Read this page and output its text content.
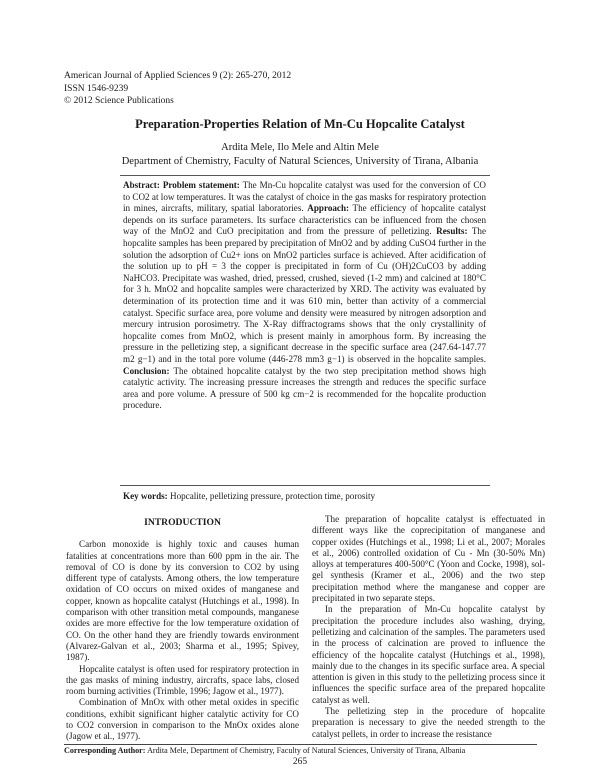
American Journal of Applied Sciences 9 (2): 265-270, 2012
ISSN 1546-9239
© 2012 Science Publications
Preparation-Properties Relation of Mn-Cu Hopcalite Catalyst
Ardita Mele, Ilo Mele and Altin Mele
Department of Chemistry, Faculty of Natural Sciences, University of Tirana, Albania
Abstract: Problem statement: The Mn-Cu hopcalite catalyst was used for the conversion of CO to CO2 at low temperatures. It was the catalyst of choice in the gas masks for respiratory protection in mines, aircrafts, military, spatial laboratories. Approach: The efficiency of hopcalite catalyst depends on its surface parameters. Its surface characteristics can be influenced from the chosen way of the MnO2 and CuO precipitation and from the pressure of pelletizing. Results: The hopcalite samples has been prepared by precipitation of MnO2 and by adding CuSO4 further in the solution the adsorption of Cu2+ ions on MnO2 particles surface is achieved. After acidification of the solution up to pH = 3 the copper is precipitated in form of Cu (OH)2CuCO3 by adding NaHCO3. Precipitate was washed, dried, pressed, crushed, sieved (1-2 mm) and calcined at 180°C for 3 h. MnO2 and hopcalite samples were characterized by XRD. The activity was evaluated by determination of its protection time and it was 610 min, better than activity of a commercial catalyst. Specific surface area, pore volume and density were measured by nitrogen adsorption and mercury intrusion porosimetry. The X-Ray diffractograms shows that the only crystallinity of hopcalite comes from MnO2, which is present mainly in amorphous form. By increasing the pressure in the pelletizing step, a significant decrease in the specific surface area (247.64-147.77 m2 g−1) and in the total pore volume (446-278 mm3 g−1) is observed in the hopcalite samples. Conclusion: The obtained hopcalite catalyst by the two step precipitation method shows high catalytic activity. The increasing pressure increases the strength and reduces the specific surface area and pore volume. A pressure of 500 kg cm−2 is recommended for the hopcalite production procedure.
Key words: Hopcalite, pelletizing pressure, protection time, porosity
INTRODUCTION

Carbon monoxide is highly toxic and causes human fatalities at concentrations more than 600 ppm in the air. The removal of CO is done by its conversion to CO2 by using different type of catalysts. Among others, the low temperature oxidation of CO occurs on mixed oxides of manganese and copper, known as hopcalite catalyst (Hutchings et al., 1998). In comparison with other transition metal compounds, manganese oxides are more effective for the low temperature oxidation of CO. On the other hand they are friendly towards environment (Alvarez-Galvan et al., 2003; Sharma et al., 1995; Spivey, 1987).

Hopcalite catalyst is often used for respiratory protection in the gas masks of mining industry, aircrafts, space labs, closed room burning activities (Trimble, 1996; Jagow et al., 1977).

Combination of MnOx with other metal oxides in specific conditions, exhibit significant higher catalytic activity for CO to CO2 conversion in comparison to the MnOx oxides alone (Jagow et al., 1977).

The preparation of hopcalite catalyst is effectuated in different ways like the coprecipitation of manganese and copper oxides (Hutchings et al., 1998; Li et al., 2007; Morales et al., 2006) controlled oxidation of Cu - Mn (30-50% Mn) alloys at temperatures 400-500°C (Yoon and Cocke, 1998), sol-gel synthesis (Kramer et al., 2006) and the two step precipitation method where the manganese and copper are precipitated in two separate steps.

In the preparation of Mn-Cu hopcalite catalyst by precipitation the procedure includes also washing, drying, pelletizing and calcination of the samples. The parameters used in the process of calcination are proved to influence the efficiency of the hopcalite catalyst (Hutchings et al., 1998), mainly due to the changes in its specific surface area. A special attention is given in this study to the pelletizing process since it influences the specific surface area of the prepared hopcalite catalyst as well.

The pelletizing step in the procedure of hopcalite preparation is necessary to give the needed strength to the catalyst pellets, in order to increase the resistance

Corresponding Author: Ardita Mele, Department of Chemistry, Faculty of Natural Sciences, University of Tirana, Albania
265
